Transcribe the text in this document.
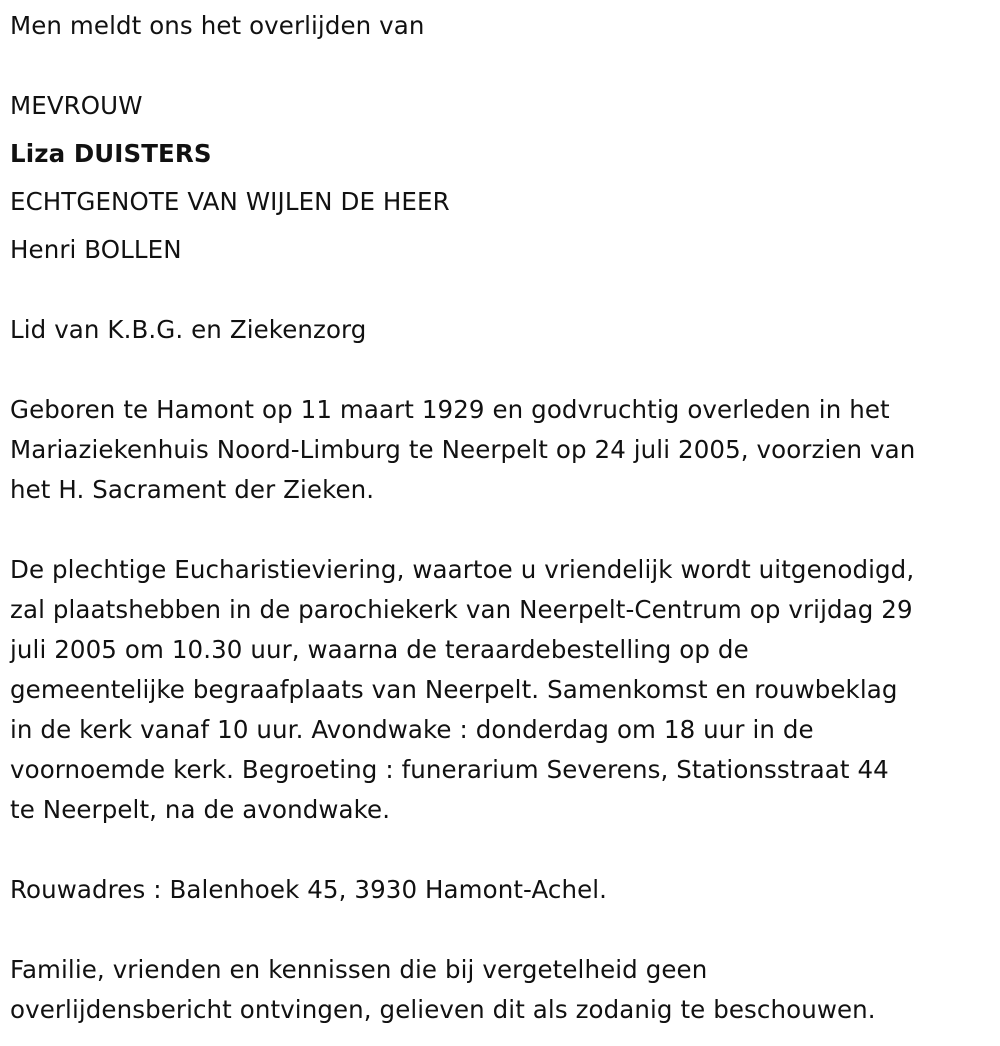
Men meldt ons het overlijden van
MEVROUW
Liza DUISTERS
ECHTGENOTE VAN WIJLEN DE HEER
Henri BOLLEN
Lid van K.B.G. en Ziekenzorg
Geboren te Hamont op 11 maart 1929 en godvruchtig overleden in het
Mariaziekenhuis Noord-Limburg te Neerpelt op 24 juli 2005, voorzien van
het H. Sacrament der Zieken.
De plechtige Eucharistieviering, waartoe u vriendelijk wordt uitgenodigd,
zal plaatshebben in de parochiekerk van Neerpelt-Centrum op vrijdag 29
juli 2005 om 10.30 uur, waarna de teraardebestelling op de
gemeentelijke begraafplaats van Neerpelt. Samenkomst en rouwbeklag
in de kerk vanaf 10 uur. Avondwake : donderdag om 18 uur in de
voornoemde kerk. Begroeting : funerarium Severens, Stationsstraat 44
te Neerpelt, na de avondwake.
Rouwadres : Balenhoek 45, 3930 Hamont-Achel.
Familie, vrienden en kennissen die bij vergetelheid geen
overlijdensbericht ontvingen, gelieven dit als zodanig te beschouwen.
